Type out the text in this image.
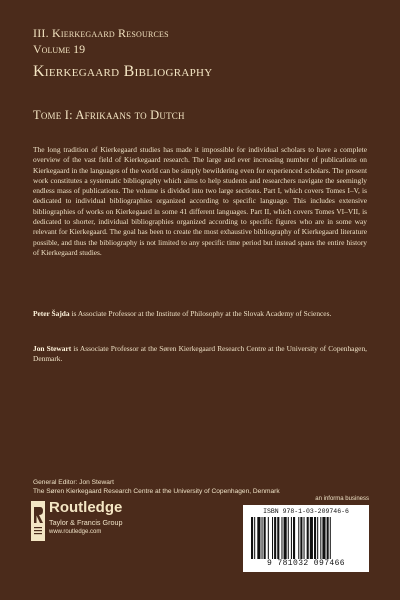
III. Kierkegaard Resources
Volume 19
Kierkegaard Bibliography
Tome I: Afrikaans to Dutch
The long tradition of Kierkegaard studies has made it impossible for individual scholars to have a complete overview of the vast field of Kierkegaard research. The large and ever increasing number of publications on Kierkegaard in the languages of the world can be simply bewildering even for experienced scholars. The present work constitutes a systematic bibliography which aims to help students and researchers navigate the seemingly endless mass of publications. The volume is divided into two large sections. Part I, which covers Tomes I–V, is dedicated to individual bibliographies organized according to specific language. This includes extensive bibliographies of works on Kierkegaard in some 41 different languages. Part II, which covers Tomes VI–VII, is dedicated to shorter, individual bibliographies organized according to specific figures who are in some way relevant for Kierkegaard. The goal has been to create the most exhaustive bibliography of Kierkegaard literature possible, and thus the bibliography is not limited to any specific time period but instead spans the entire history of Kierkegaard studies.
Peter Šajda is Associate Professor at the Institute of Philosophy at the Slovak Academy of Sciences.
Jon Stewart is Associate Professor at the Søren Kierkegaard Research Centre at the University of Copenhagen, Denmark.
General Editor: Jon Stewart
The Søren Kierkegaard Research Centre at the University of Copenhagen, Denmark
Routledge
Taylor & Francis Group
www.routledge.com
an informa business
ISBN 978-1-03-209746-6
9 781032 097466
